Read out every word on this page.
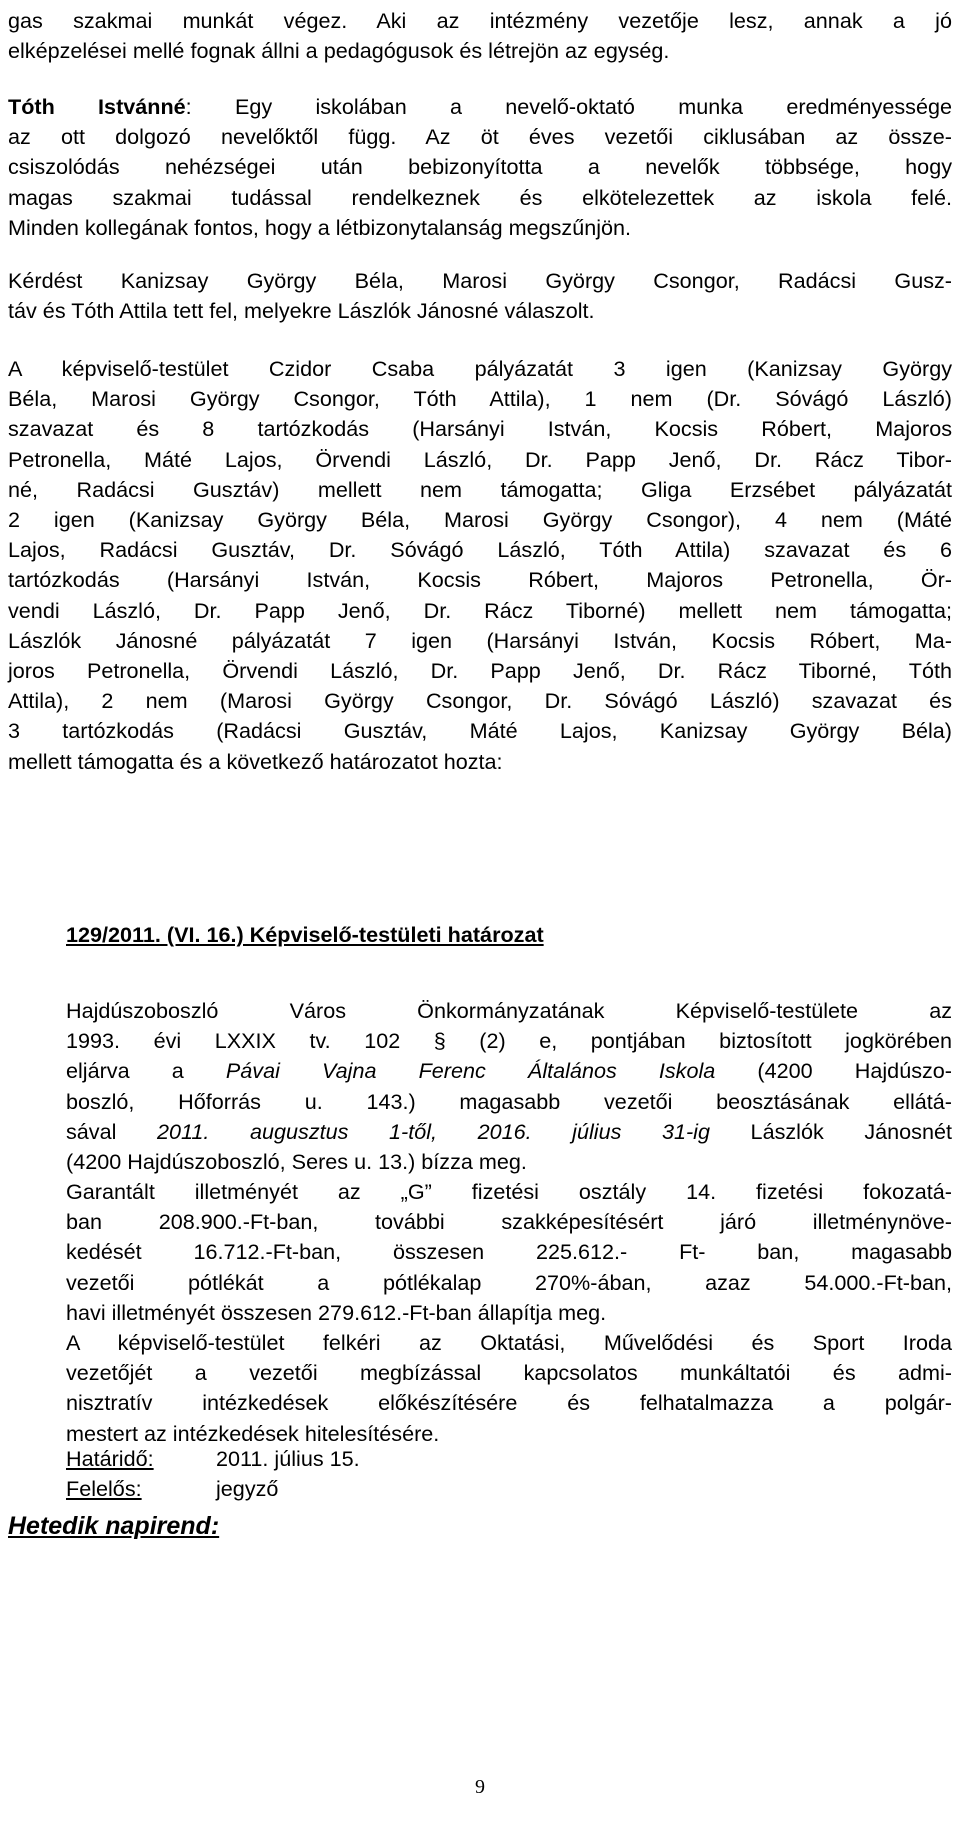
gas szakmai munkát végez. Aki az intézmény vezetője lesz, annak a jó
elképzelései mellé fognak állni a pedagógusok és létrejön az egység.

Tóth Istvánné: Egy iskolában a nevelő-oktató munka eredményessége
az ott dolgozó nevelőktől függ. Az öt éves vezetői ciklusában az össze-
csiszolódás nehézségei után bebizonyította a nevelők többsége, hogy
magas szakmai tudással rendelkeznek és elkötelezettek az iskola felé.
Minden kollegának fontos, hogy a létbizonytalanság megszűnjön.

Kérdést Kanizsay György Béla, Marosi György Csongor, Radácsi Gusz-
táv és Tóth Attila tett fel, melyekre Lászlók Jánosné válaszolt.

A képviselő-testület Czidor Csaba pályázatát 3 igen (Kanizsay György
Béla, Marosi György Csongor, Tóth Attila), 1 nem (Dr. Sóvágó László)
szavazat és 8 tartózkodás (Harsányi István, Kocsis Róbert, Majoros
Petronella, Máté Lajos, Örvendi László, Dr. Papp Jenő, Dr. Rácz Tibor-
né, Radácsi Gusztáv) mellett nem támogatta; Gliga Erzsébet pályázatát
2 igen (Kanizsay György Béla, Marosi György Csongor), 4 nem (Máté
Lajos, Radácsi Gusztáv, Dr. Sóvágó László, Tóth Attila) szavazat és 6
tartózkodás (Harsányi István, Kocsis Róbert, Majoros Petronella, Ör-
vendi László, Dr. Papp Jenő, Dr. Rácz Tiborné) mellett nem támogatta;
Lászlók Jánosné pályázatát 7 igen (Harsányi István, Kocsis Róbert, Ma-
joros Petronella, Örvendi László, Dr. Papp Jenő, Dr. Rácz Tiborné, Tóth
Attila), 2 nem (Marosi György Csongor, Dr. Sóvágó László) szavazat és
3 tartózkodás (Radácsi Gusztáv, Máté Lajos, Kanizsay György Béla)
mellett támogatta és a következő határozatot hozta:

129/2011. (VI. 16.) Képviselő-testületi határozat

Hajdúszoboszló Város Önkormányzatának Képviselő-testülete az
1993. évi LXXIX tv. 102 § (2) e, pontjában biztosított jogkörében
eljárva a Pávai Vajna Ferenc Általános Iskola (4200 Hajdúszo-
boszló, Hőforrás u. 143.) magasabb vezetői beosztásának ellátá-
sával 2011. augusztus 1-től, 2016. július 31-ig Lászlók Jánosnét
(4200 Hajdúszoboszló, Seres u. 13.) bízza meg.

Garantált illetményét az „G” fizetési osztály 14. fizetési fokozatá-
ban 208.900.-Ft-ban, további szakképesítésért járó illetménynöve-
kedését 16.712.-Ft-ban, összesen 225.612.- Ft- ban, magasabb
vezetői pótlékát a pótlékalap 270%-ában, azaz 54.000.-Ft-ban,
havi illetményét összesen 279.612.-Ft-ban állapítja meg.

A képviselő-testület felkéri az Oktatási, Művelődési és Sport Iroda
vezetőjét a vezetői megbízással kapcsolatos munkáltatói és admi-
nisztratív intézkedések előkészítésére és felhatalmazza a polgár-
mestert az intézkedések hitelesítésére.

Határidő:	2011. július 15.
Felelős:	jegyző
Hetedik napirend:
9
